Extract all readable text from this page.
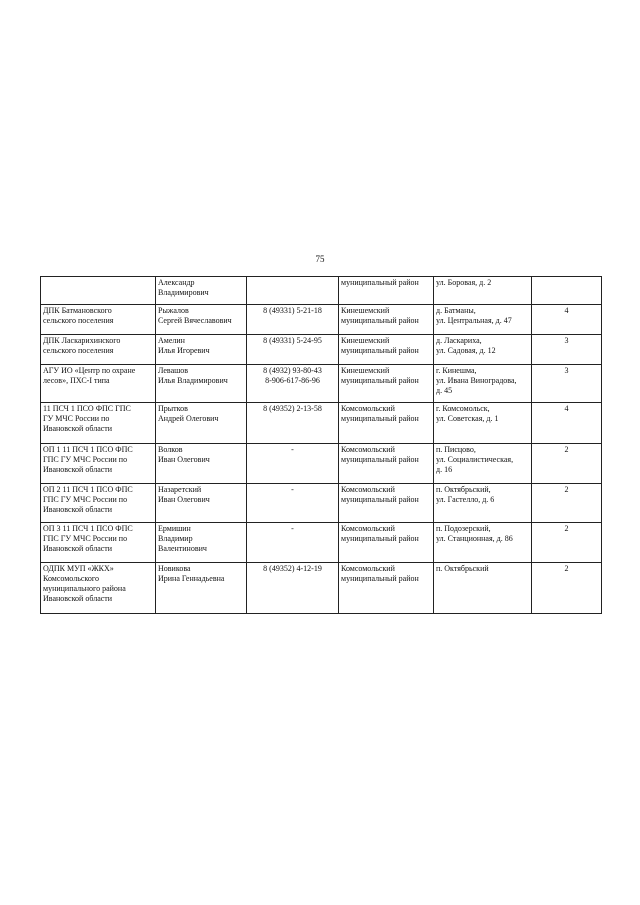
75
	Александр
Владимирович		муниципальный район	ул. Боровая, д. 2	
ДПК Батмановского
сельского поселения	Рыжалов
Сергей Вячеславович	8 (49331) 5-21-18	Кинешемский
муниципальный район	д. Батманы,
ул. Центральная, д. 47	4
ДПК Ласкарихинского
сельского поселения	Амелин
Илья Игоревич	8 (49331) 5-24-95	Кинешемский
муниципальный район	д. Ласкариха,
ул. Садовая, д. 12	3
АГУ ИО «Центр по охране
лесов», ПХС-I типа	Левашов
Илья Владимирович	8 (4932) 93-80-43
8-906-617-86-96	Кинешемский
муниципальный район	г. Кинешма,
ул. Ивана Виноградова,
д. 45	3
11 ПСЧ 1 ПСО ФПС ГПС
ГУ МЧС России по
Ивановской области	Прытков
Андрей Олегович	8 (49352) 2-13-58	Комсомольский
муниципальный район	г. Комсомольск,
ул. Советская, д. 1	4
ОП 1 11 ПСЧ 1 ПСО ФПС
ГПС ГУ МЧС России по
Ивановской области	Волков
Иван Олегович	-	Комсомольский
муниципальный район	п. Писцово,
ул. Социалистическая,
д. 16	2
ОП 2 11 ПСЧ 1 ПСО ФПС
ГПС ГУ МЧС России по
Ивановской области	Назаретский
Иван Олегович	-	Комсомольский
муниципальный район	п. Октябрьский,
ул. Гастелло, д. 6	2
ОП 3 11 ПСЧ 1 ПСО ФПС
ГПС ГУ МЧС России по
Ивановской области	Ермишин
Владимир
Валентинович	-	Комсомольский
муниципальный район	п. Подозерский,
ул. Станционная, д. 86	2
ОДПК МУП «ЖКХ»
Комсомольского
муниципального района
Ивановской области	Новикова
Ирина Геннадьевна	8 (49352) 4-12-19	Комсомольский
муниципальный район	п. Октябрьский	2
